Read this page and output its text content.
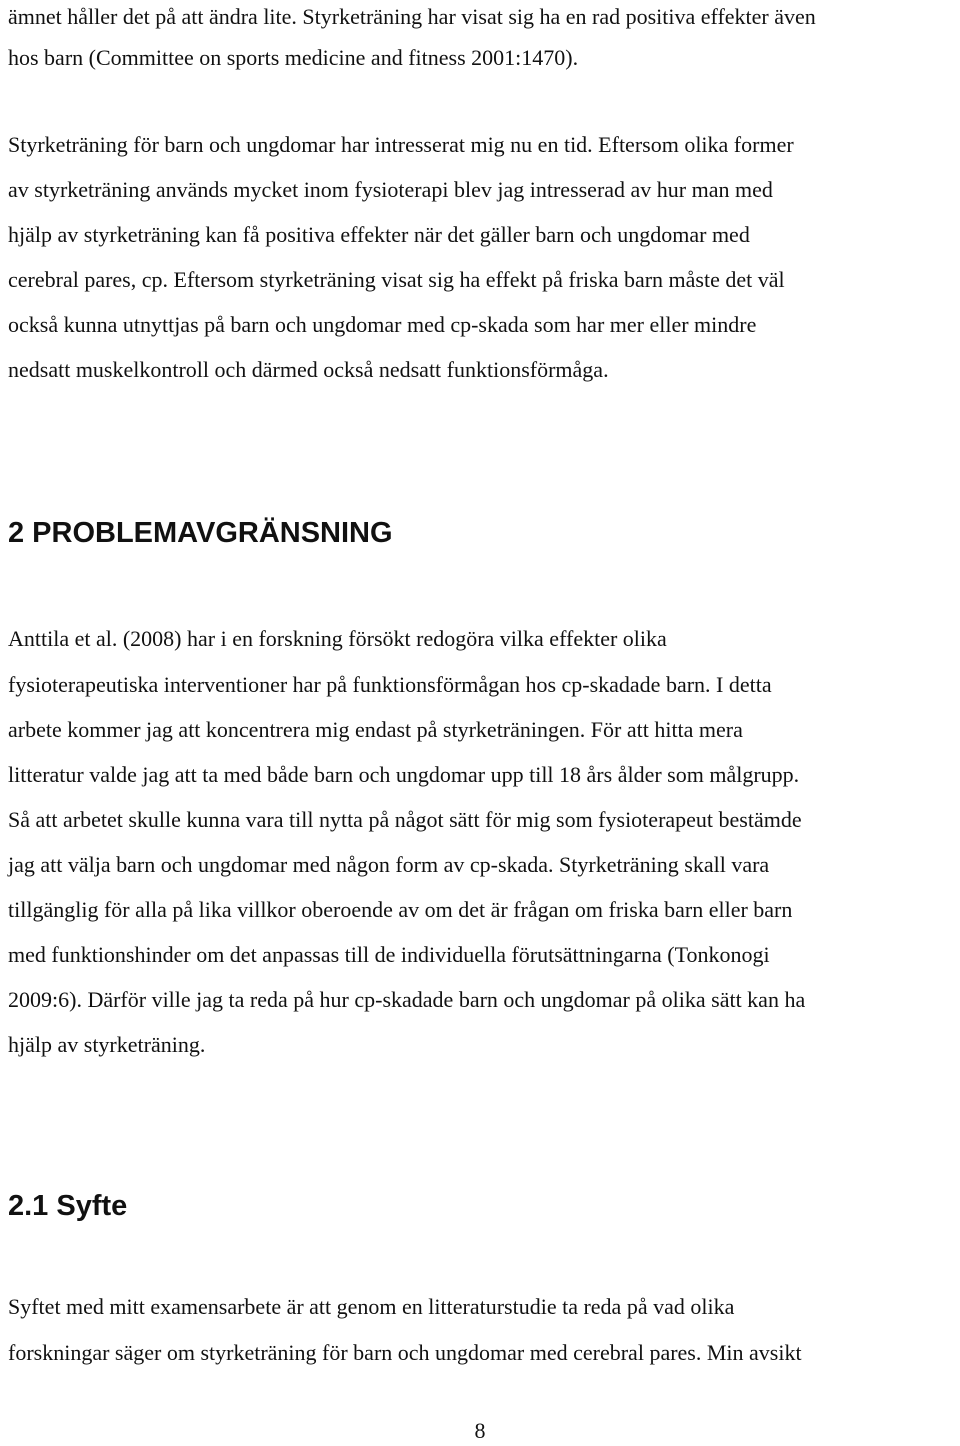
ämnet håller det på att ändra lite. Styrketräning har visat sig ha en rad positiva effekter även
hos barn (Committee on sports medicine and fitness 2001:1470).
Styrketräning för barn och ungdomar har intresserat mig nu en tid. Eftersom olika former
av styrketräning används mycket inom fysioterapi blev jag intresserad av hur man med
hjälp av styrketräning kan få positiva effekter när det gäller barn och ungdomar med
cerebral pares, cp. Eftersom styrketräning visat sig ha effekt på friska barn måste det väl
också kunna utnyttjas på barn och ungdomar med cp-skada som har mer eller mindre
nedsatt muskelkontroll och därmed också nedsatt funktionsförmåga.
2 PROBLEMAVGRÄNSNING
Anttila et al. (2008) har i en forskning försökt redogöra vilka effekter olika
fysioterapeutiska interventioner har på funktionsförmågan hos cp-skadade barn. I detta
arbete kommer jag att koncentrera mig endast på styrketräningen. För att hitta mera
litteratur valde jag att ta med både barn och ungdomar upp till 18 års ålder som målgrupp.
Så att arbetet skulle kunna vara till nytta på något sätt för mig som fysioterapeut bestämde
jag att välja barn och ungdomar med någon form av cp-skada. Styrketräning skall vara
tillgänglig för alla på lika villkor oberoende av om det är frågan om friska barn eller barn
med funktionshinder om det anpassas till de individuella förutsättningarna (Tonkonogi
2009:6). Därför ville jag ta reda på hur cp-skadade barn och ungdomar på olika sätt kan ha
hjälp av styrketräning.
2.1 Syfte
Syftet med mitt examensarbete är att genom en litteraturstudie ta reda på vad olika
forskningar säger om styrketräning för barn och ungdomar med cerebral pares. Min avsikt
8
